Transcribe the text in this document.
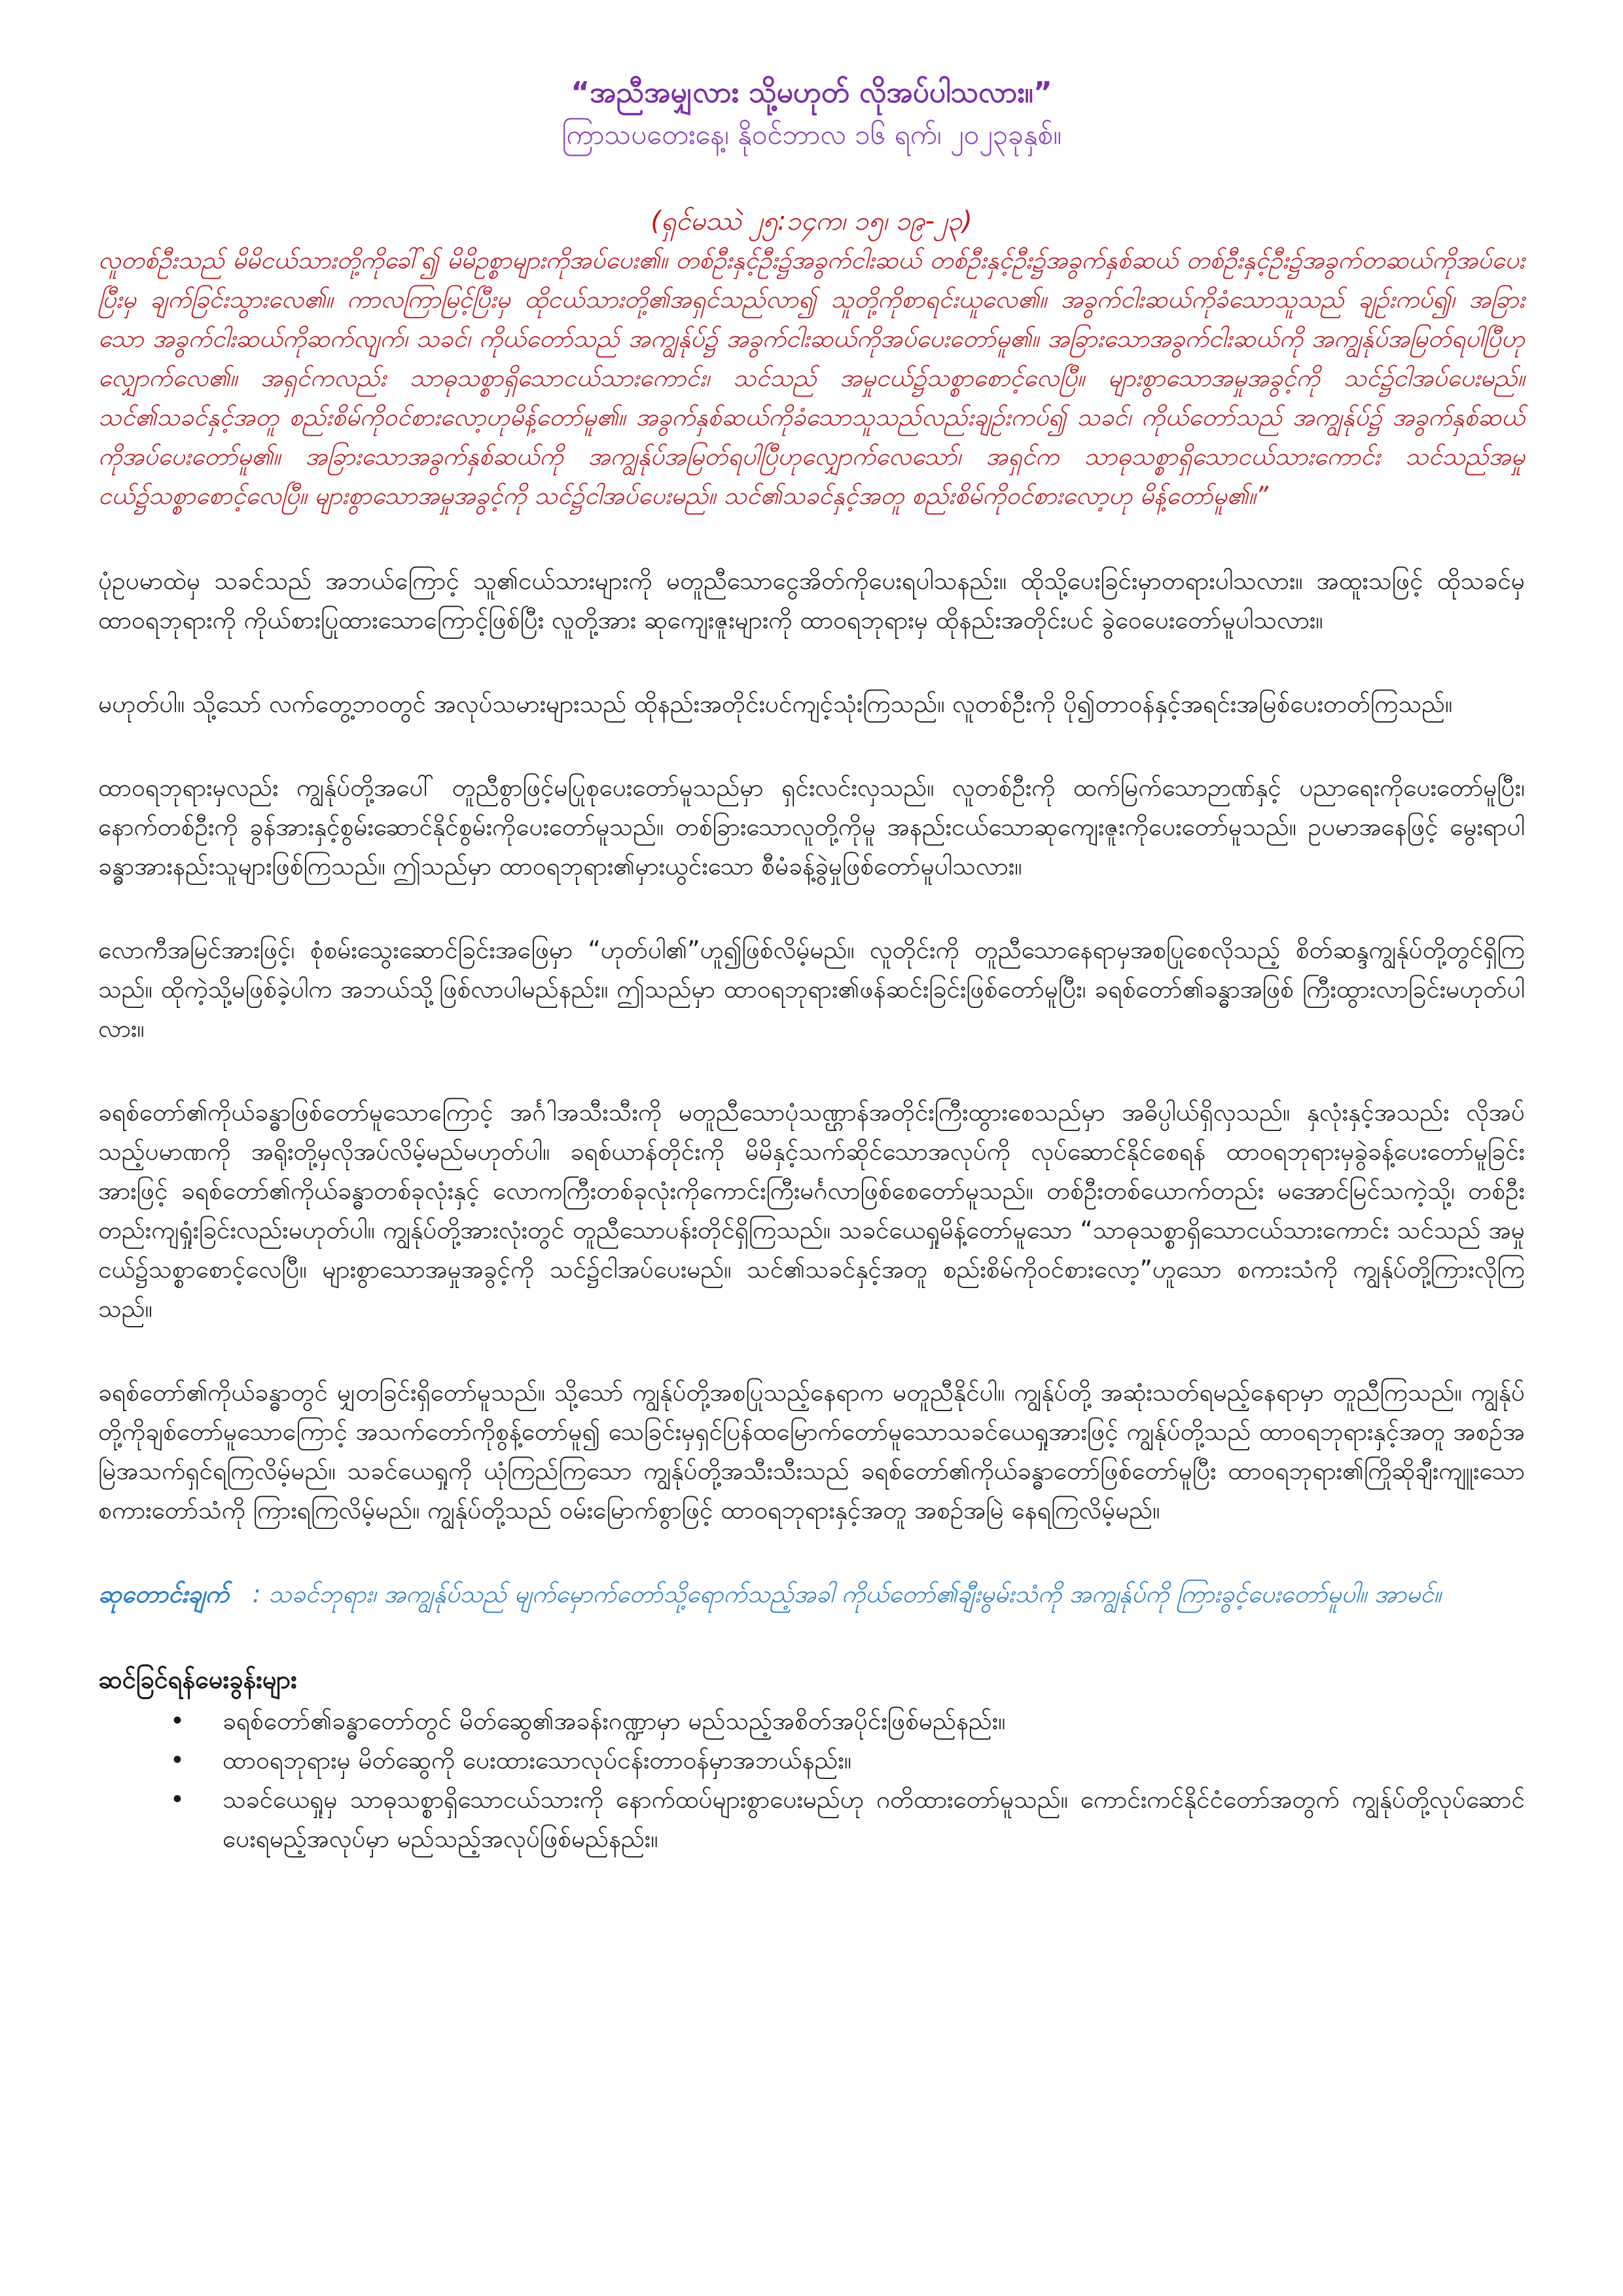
“အညီအမျှလား သို့မဟုတ် လိုအပ်ပါသလား။”

ကြာသပတေးနေ့၊ နိုဝင်ဘာလ ၁၆ ရက်၊ ၂၀၂၃ခုနှစ်။

(ရှင်မဿဲ ၂၅:၁၄က၊ ၁၅၊ ၁၉-၂၃)

လူတစ်ဦးသည် မိမိငယ်သားတို့ကိုခေါ်၍ မိမိဥစ္စာများကိုအပ်ပေး၏။ တစ်ဦးနှင့်ဦး၌အခွက်ငါးဆယ် တစ်ဦးနှင့်ဦး၌အခွက်နှစ်ဆယ် တစ်ဦးနှင့်ဦး၌အခွက်တဆယ်ကိုအပ်ပေးပြီးမှ ချက်ခြင်းသွားလေ၏။ ကာလကြာမြင့်ပြီးမှ ထိုငယ်သားတို့၏အရှင်သည်လာ၍ သူတို့ကိုစာရင်းယူလေ၏။ အခွက်ငါးဆယ်ကိုခံသောသူသည် ချဉ်းကပ်၍၊ အခြားသော အခွက်ငါးဆယ်ကိုဆက်လျက်၊ သခင်၊ ကိုယ်တော်သည် အကျွန်ုပ်၌ အခွက်ငါးဆယ်ကိုအပ်ပေးတော်မူ၏။ အခြားသောအခွက်ငါးဆယ်ကို အကျွန်ုပ်အမြတ်ရပါပြီဟု လျှောက်လေ၏။ အရှင်ကလည်း သာဓုသစ္စာရှိသောငယ်သားကောင်း၊ သင်သည် အမှုငယ်၌သစ္စာစောင့်လေပြီ။ များစွာသောအမှုအခွင့်ကို သင်၌ငါအပ်ပေးမည်။ သင်၏သခင်နှင့်အတူ စည်းစိမ်ကိုဝင်စားလော့ဟုမိန့်တော်မူ၏။ အခွက်နှစ်ဆယ်ကိုခံသောသူသည်လည်းချဉ်းကပ်၍ သခင်၊ ကိုယ်တော်သည် အကျွန်ုပ်၌ အခွက်နှစ်ဆယ်ကိုအပ်ပေးတော်မူ၏။ အခြားသောအခွက်နှစ်ဆယ်ကို အကျွန်ုပ်အမြတ်ရပါပြီဟုလျှောက်လေသော်၊ အရှင်က သာဓုသစ္စာရှိသောငယ်သားကောင်း သင်သည်အမှုငယ်၌သစ္စာစောင့်လေပြီ။ များစွာသောအမှုအခွင့်ကို သင်၌ငါအပ်ပေးမည်။ သင်၏သခင်နှင့်အတူ စည်းစိမ်ကိုဝင်စားလော့ဟု မိန့်တော်မူ၏။”

ပုံဥပမာထဲမှ သခင်သည် အဘယ်ကြောင့် သူ၏ငယ်သားများကို မတူညီသောငွေအိတ်ကိုပေးရပါသနည်း။ ထိုသို့ပေးခြင်းမှာတရားပါသလား။ အထူးသဖြင့် ထိုသခင်မှ ထာဝရဘုရားကို ကိုယ်စားပြုထားသောကြောင့်ဖြစ်ပြီး လူတို့အား ဆုကျေးဇူးများကို ထာဝရဘုရားမှ ထိုနည်းအတိုင်းပင် ခွဲဝေပေးတော်မူပါသလား။

မဟုတ်ပါ။ သို့သော် လက်တွေ့ဘဝတွင် အလုပ်သမားများသည် ထိုနည်းအတိုင်းပင်ကျင့်သုံးကြသည်။ လူတစ်ဦးကို ပို၍တာဝန်နှင့်အရင်းအမြစ်ပေးတတ်ကြသည်။

ထာဝရဘုရားမှလည်း ကျွန်ုပ်တို့အပေါ် တူညီစွာဖြင့်မပြုစုပေးတော်မူသည်မှာ ရှင်းလင်းလှသည်။ လူတစ်ဦးကို ထက်မြက်သောဉာဏ်နှင့် ပညာရေးကိုပေးတော်မူပြီး၊ နောက်တစ်ဦးကို ခွန်အားနှင့်စွမ်းဆောင်နိုင်စွမ်းကိုပေးတော်မူသည်။ တစ်ခြားသောလူတို့ကိုမူ အနည်းငယ်သောဆုကျေးဇူးကိုပေးတော်မူသည်။ ဥပမာအနေဖြင့် မွေးရာပါ ခန္ဓာအားနည်းသူများဖြစ်ကြသည်။ ဤသည်မှာ ထာဝရဘုရား၏မှားယွင်းသော စီမံခန့်ခွဲမှုဖြစ်တော်မူပါသလား။

လောကီအမြင်အားဖြင့်၊ စုံစမ်းသွေးဆောင်ခြင်းအဖြေမှာ “ဟုတ်ပါ၏”ဟူ၍ဖြစ်လိမ့်မည်။ လူတိုင်းကို တူညီသောနေရာမှအစပြုစေလိုသည့် စိတ်ဆန္ဒကျွန်ုပ်တို့တွင်ရှိကြသည်။ ထိုကဲ့သို့မဖြစ်ခဲ့ပါက အဘယ်သို့ဖြစ်လာပါမည်နည်း။ ဤသည်မှာ ထာဝရဘုရား၏ဖန်ဆင်းခြင်းဖြစ်တော်မူပြီး၊ ခရစ်တော်၏ခန္ဓာအဖြစ် ကြီးထွားလာခြင်းမဟုတ်ပါလား။

ခရစ်တော်၏ကိုယ်ခန္ဓာဖြစ်တော်မူသောကြောင့် အင်္ဂါအသီးသီးကို မတူညီသောပုံသဏ္ဌာန်အတိုင်းကြီးထွားစေသည်မှာ အဓိပ္ပါယ်ရှိလှသည်။ နှလုံးနှင့်အသည်း လိုအပ်သည့်ပမာဏကို အရိုးတို့မှလိုအပ်လိမ့်မည်မဟုတ်ပါ။ ခရစ်ယာန်တိုင်းကို မိမိနှင့်သက်ဆိုင်သောအလုပ်ကို လုပ်ဆောင်နိုင်စေရန် ထာဝရဘုရားမှခွဲခန့်ပေးတော်မူခြင်းအားဖြင့် ခရစ်တော်၏ကိုယ်ခန္ဓာတစ်ခုလုံးနှင့် လောကကြီးတစ်ခုလုံးကိုကောင်းကြီးမင်္ဂလာဖြစ်စေတော်မူသည်။ တစ်ဦးတစ်ယောက်တည်း မအောင်မြင်သကဲ့သို့၊ တစ်ဦးတည်းကျရှုံးခြင်းလည်းမဟုတ်ပါ။ ကျွန်ုပ်တို့အားလုံးတွင် တူညီသောပန်းတိုင်ရှိကြသည်။ သခင်ယေရှုမိန့်တော်မူသော “သာဓုသစ္စာရှိသောငယ်သားကောင်း သင်သည် အမှုငယ်၌သစ္စာစောင့်လေပြီ။ များစွာသောအမှုအခွင့်ကို သင်၌ငါအပ်ပေးမည်။ သင်၏သခင်နှင့်အတူ စည်းစိမ်ကိုဝင်စားလော့”ဟူသော စကားသံကို ကျွန်ုပ်တို့ကြားလိုကြသည်။

ခရစ်တော်၏ကိုယ်ခန္ဓာတွင် မျှတခြင်းရှိတော်မူသည်။ သို့သော် ကျွန်ုပ်တို့အစပြုသည့်နေရာက မတူညီနိုင်ပါ။ ကျွန်ုပ်တို့ အဆုံးသတ်ရမည့်နေရာမှာ တူညီကြသည်။ ကျွန်ုပ်တို့ကိုချစ်တော်မူသောကြောင့် အသက်တော်ကိုစွန့်တော်မူ၍ သေခြင်းမှရှင်ပြန်ထမြောက်တော်မူသောသခင်ယေရှုအားဖြင့် ကျွန်ုပ်တို့သည် ထာဝရဘုရားနှင့်အတူ အစဉ်အမြဲအသက်ရှင်ရကြလိမ့်မည်။ သခင်ယေရှုကို ယုံကြည်ကြသော ကျွန်ုပ်တို့အသီးသီးသည် ခရစ်တော်၏ကိုယ်ခန္ဓာတော်ဖြစ်တော်မူပြီး ထာဝရဘုရား၏ကြိုဆိုချီးကျူးသောစကားတော်သံကို ကြားရကြလိမ့်မည်။ ကျွန်ုပ်တို့သည် ဝမ်းမြောက်စွာဖြင့် ထာဝရဘုရားနှင့်အတူ အစဉ်အမြဲ နေရကြလိမ့်မည်။

ဆုတောင်းချက် : သခင်ဘုရား၊ အကျွန်ုပ်သည် မျက်မှောက်တော်သို့ရောက်သည့်အခါ ကိုယ်တော်၏ချီးမွမ်းသံကို အကျွန်ုပ်ကို ကြားခွင့်ပေးတော်မူပါ။ အာမင်။

ဆင်ခြင်ရန်မေးခွန်းများ

• ခရစ်တော်၏ခန္ဓာတော်တွင် မိတ်ဆွေ၏အခန်းဂဏ္ဍာမှာ မည်သည့်အစိတ်အပိုင်းဖြစ်မည်နည်း။
• ထာဝရဘုရားမှ မိတ်ဆွေကို ပေးထားသောလုပ်ငန်းတာဝန်မှာအဘယ်နည်း။
• သခင်ယေရှုမှ သာဓုသစ္စာရှိသောငယ်သားကို နောက်ထပ်များစွာပေးမည်ဟု ဂတိထားတော်မူသည်။ ကောင်းကင်နိုင်ငံတော်အတွက် ကျွန်ုပ်တို့လုပ်ဆောင်ပေးရမည့်အလုပ်မှာ မည်သည့်အလုပ်ဖြစ်မည်နည်း။
